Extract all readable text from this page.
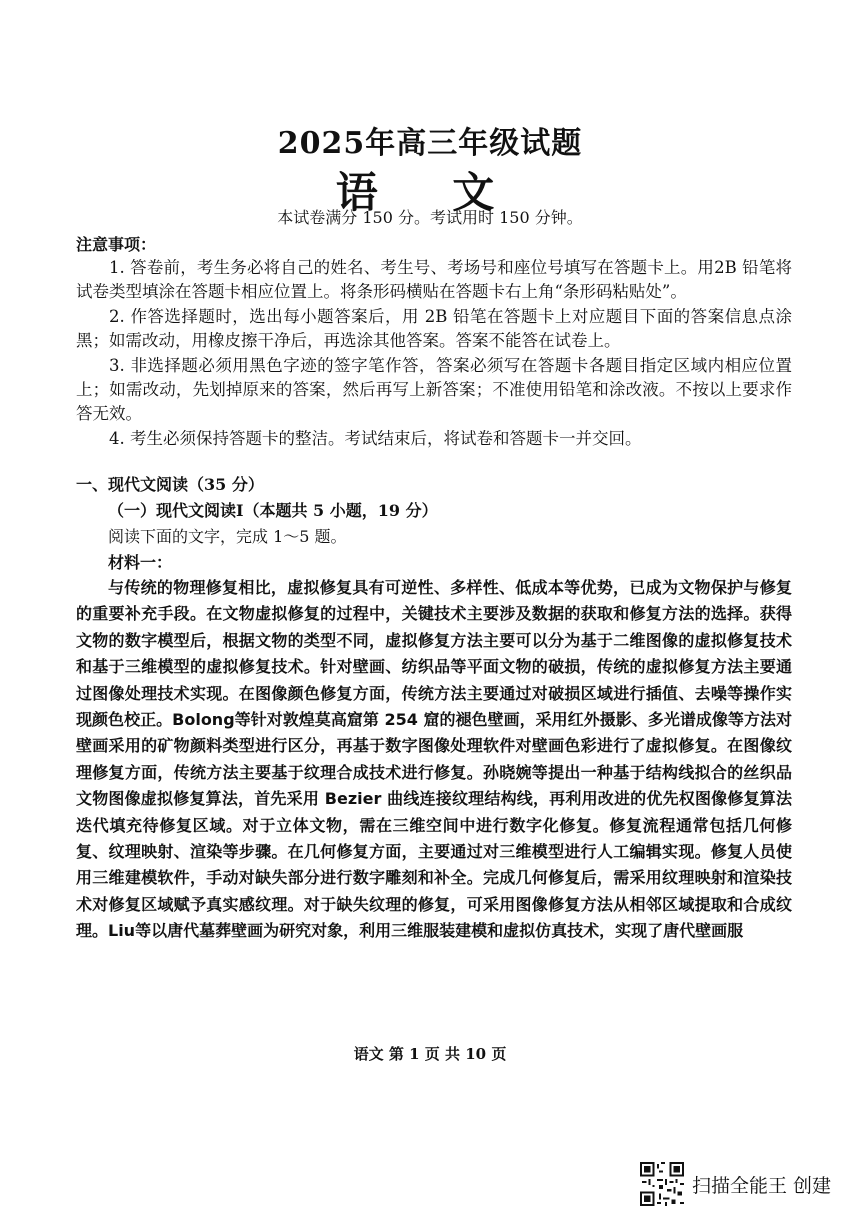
2025年高三年级试题
语 文
本试卷满分 150 分。考试用时 150 分钟。
注意事项：

1. 答卷前，考生务必将自己的姓名、考生号、考场号和座位号填写在答题卡上。用2B 铅笔将试卷类型填涂在答题卡相应位置上。将条形码横贴在答题卡右上角“条形码粘贴处”。

2. 作答选择题时，选出每小题答案后，用 2B 铅笔在答题卡上对应题目下面的答案信息点涂黑；如需改动，用橡皮擦干净后，再选涂其他答案。答案不能答在试卷上。

3. 非选择题必须用黑色字迹的签字笔作答，答案必须写在答题卡各题目指定区域内相应位置上；如需改动，先划掉原来的答案，然后再写上新答案；不准使用铅笔和涂改液。不按以上要求作答无效。

4. 考生必须保持答题卡的整洁。考试结束后，将试卷和答题卡一并交回。

一、现代文阅读（35 分）
（一）现代文阅读Ⅰ（本题共 5 小题，19 分）
阅读下面的文字，完成 1～5 题。
材料一：
与传统的物理修复相比，虚拟修复具有可逆性、多样性、低成本等优势，已成为文物保护与修复的重要补充手段。在文物虚拟修复的过程中，关键技术主要涉及数据的获取和修复方法的选择。获得文物的数字模型后，根据文物的类型不同，虚拟修复方法主要可以分为基于二维图像的虚拟修复技术和基于三维模型的虚拟修复技术。针对壁画、纺织品等平面文物的破损，传统的虚拟修复方法主要通过图像处理技术实现。在图像颜色修复方面，传统方法主要通过对破损区域进行插值、去噪等操作实现颜色校正。Bolong等针对敦煌莫高窟第 254 窟的褪色壁画，采用红外摄影、多光谱成像等方法对壁画采用的矿物颜料类型进行区分，再基于数字图像处理软件对壁画色彩进行了虚拟修复。在图像纹理修复方面，传统方法主要基于纹理合成技术进行修复。孙晓婉等提出一种基于结构线拟合的丝织品文物图像虚拟修复算法，首先采用 Bezier 曲线连接纹理结构线，再利用改进的优先权图像修复算法迭代填充待修复区域。对于立体文物，需在三维空间中进行数字化修复。修复流程通常包括几何修复、纹理映射、渲染等步骤。在几何修复方面，主要通过对三维模型进行人工编辑实现。修复人员使用三维建模软件，手动对缺失部分进行数字雕刻和补全。完成几何修复后，需采用纹理映射和渲染技术对修复区域赋予真实感纹理。对于缺失纹理的修复，可采用图像修复方法从相邻区域提取和合成纹理。Liu等以唐代墓葬壁画为研究对象，利用三维服装建模和虚拟仿真技术，实现了唐代壁画服
语文 第 1 页 共 10 页
扫描全能王 创建
